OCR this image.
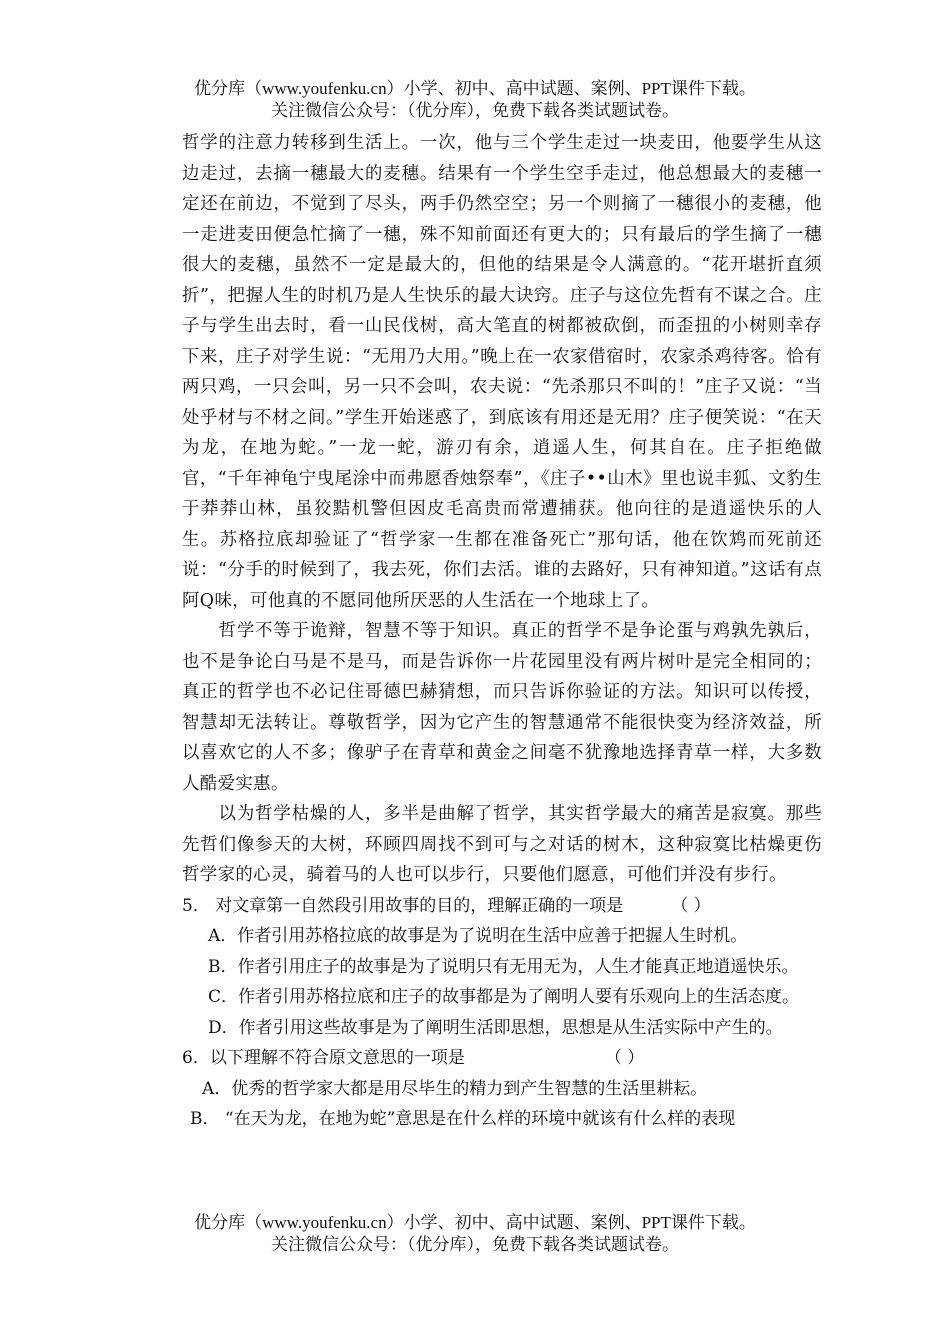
优分库（www.youfenku.cn）小学、初中、高中试题、案例、PPT课件下载。
关注微信公众号：（优分库），免费下载各类试题试卷。
哲学的注意力转移到生活上。一次，他与三个学生走过一块麦田，他要学生从这边走过，去摘一穗最大的麦穗。结果有一个学生空手走过，他总想最大的麦穗一定还在前边，不觉到了尽头，两手仍然空空；另一个则摘了一穗很小的麦穗，他一走进麦田便急忙摘了一穗，殊不知前面还有更大的；只有最后的学生摘了一穗很大的麦穗，虽然不一定是最大的，但他的结果是令人满意的。“花开堪折直须折”，把握人生的时机乃是人生快乐的最大诀窍。庄子与这位先哲有不谋之合。庄子与学生出去时，看一山民伐树，高大笔直的树都被砍倒，而歪扭的小树则幸存下来，庄子对学生说：“无用乃大用。”晚上在一农家借宿时，农家杀鸡待客。恰有两只鸡，一只会叫，另一只不会叫，农夫说：“先杀那只不叫的！”庄子又说：“当处乎材与不材之间。”学生开始迷惑了，到底该有用还是无用？庄子便笑说：“在天为龙，在地为蛇。”一龙一蛇，游刃有余，逍遥人生，何其自在。庄子拒绝做官，“千年神龟宁曳尾涂中而弗愿香烛祭奉”，《庄子••山木》里也说丰狐、文豹生于莽莽山林，虽狡黠机警但因皮毛高贵而常遭捕获。他向往的是逍遥快乐的人生。苏格拉底却验证了“哲学家一生都在准备死亡”那句话，他在饮鸩而死前还说：“分手的时候到了，我去死，你们去活。谁的去路好，只有神知道。”这话有点阿Q味，可他真的不愿同他所厌恶的人生活在一个地球上了。
哲学不等于诡辩，智慧不等于知识。真正的哲学不是争论蛋与鸡孰先孰后，也不是争论白马是不是马，而是告诉你一片花园里没有两片树叶是完全相同的；真正的哲学也不必记住哥德巴赫猜想，而只告诉你验证的方法。知识可以传授，智慧却无法转让。尊敬哲学，因为它产生的智慧通常不能很快变为经济效益，所以喜欢它的人不多；像驴子在青草和黄金之间毫不犹豫地选择青草一样，大多数人酷爱实惠。
以为哲学枯燥的人，多半是曲解了哲学，其实哲学最大的痛苦是寂寞。那些先哲们像参天的大树，环顾四周找不到可与之对话的树木，这种寂寞比枯燥更伤哲学家的心灵，骑着马的人也可以步行，只要他们愿意，可他们并没有步行。
5． 对文章第一自然段引用故事的目的，理解正确的一项是	（ ）
A．作者引用苏格拉底的故事是为了说明在生活中应善于把握人生时机。
B．作者引用庄子的故事是为了说明只有无用无为，人生才能真正地逍遥快乐。
C．作者引用苏格拉底和庄子的故事都是为了阐明人要有乐观向上的生活态度。
D．作者引用这些故事是为了阐明生活即思想，思想是从生活实际中产生的。
6．以下理解不符合原文意思的一项是	（ ）
A．优秀的哲学家大都是用尽毕生的精力到产生智慧的生活里耕耘。
B． “在天为龙，在地为蛇”意思是在什么样的环境中就该有什么样的表现
优分库（www.youfenku.cn）小学、初中、高中试题、案例、PPT课件下载。
关注微信公众号：（优分库），免费下载各类试题试卷。
